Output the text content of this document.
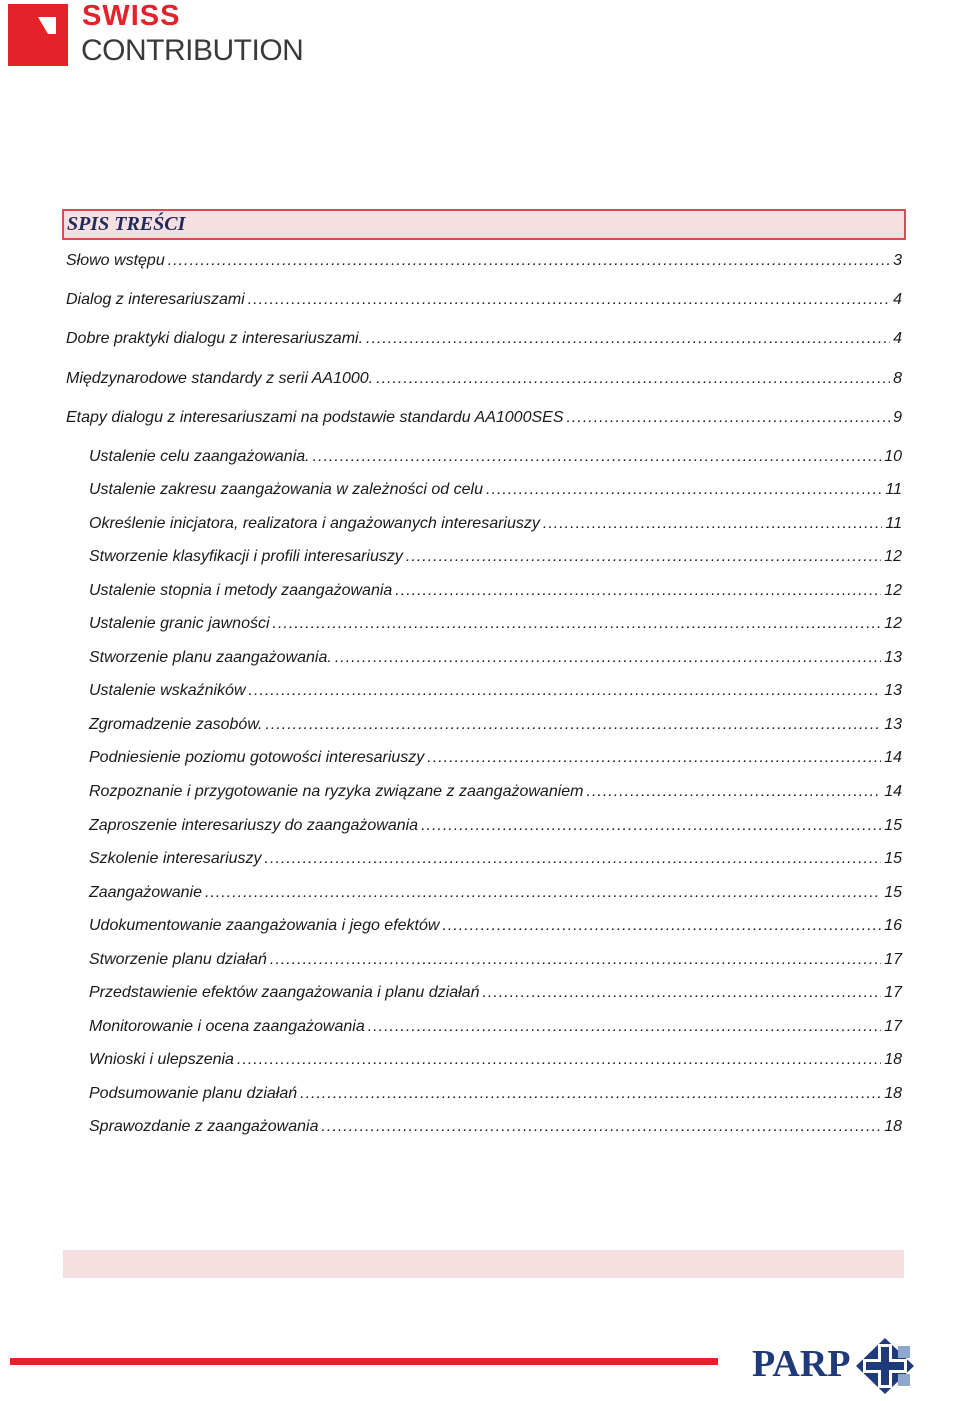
SWISS
CONTRIBUTION
SPIS TREŚCI
Słowo wstępu .....	3
Dialog z interesariuszami .....	4
Dobre praktyki dialogu z interesariuszami. .....	4
Międzynarodowe standardy z serii AA1000. .....	8
Etapy dialogu z interesariuszami na podstawie standardu AA1000SES .....	9
Ustalenie celu zaangażowania. .....	10
Ustalenie zakresu zaangażowania w zależności od celu .....	11
Określenie inicjatora, realizatora i angażowanych interesariuszy .....	11
Stworzenie klasyfikacji i profili interesariuszy .....	12
Ustalenie stopnia i metody zaangażowania .....	12
Ustalenie granic jawności .....	12
Stworzenie planu zaangażowania. .....	13
Ustalenie wskaźników .....	13
Zgromadzenie zasobów. .....	13
Podniesienie poziomu gotowości interesariuszy .....	14
Rozpoznanie i przygotowanie na ryzyka związane z zaangażowaniem .....	14
Zaproszenie interesariuszy do zaangażowania .....	15
Szkolenie interesariuszy .....	15
Zaangażowanie .....	15
Udokumentowanie zaangażowania i jego efektów .....	16
Stworzenie planu działań .....	17
Przedstawienie efektów zaangażowania i planu działań .....	17
Monitorowanie i ocena zaangażowania .....	17
Wnioski i ulepszenia .....	18
Podsumowanie planu działań .....	18
Sprawozdanie z zaangażowania .....	18
PARP
